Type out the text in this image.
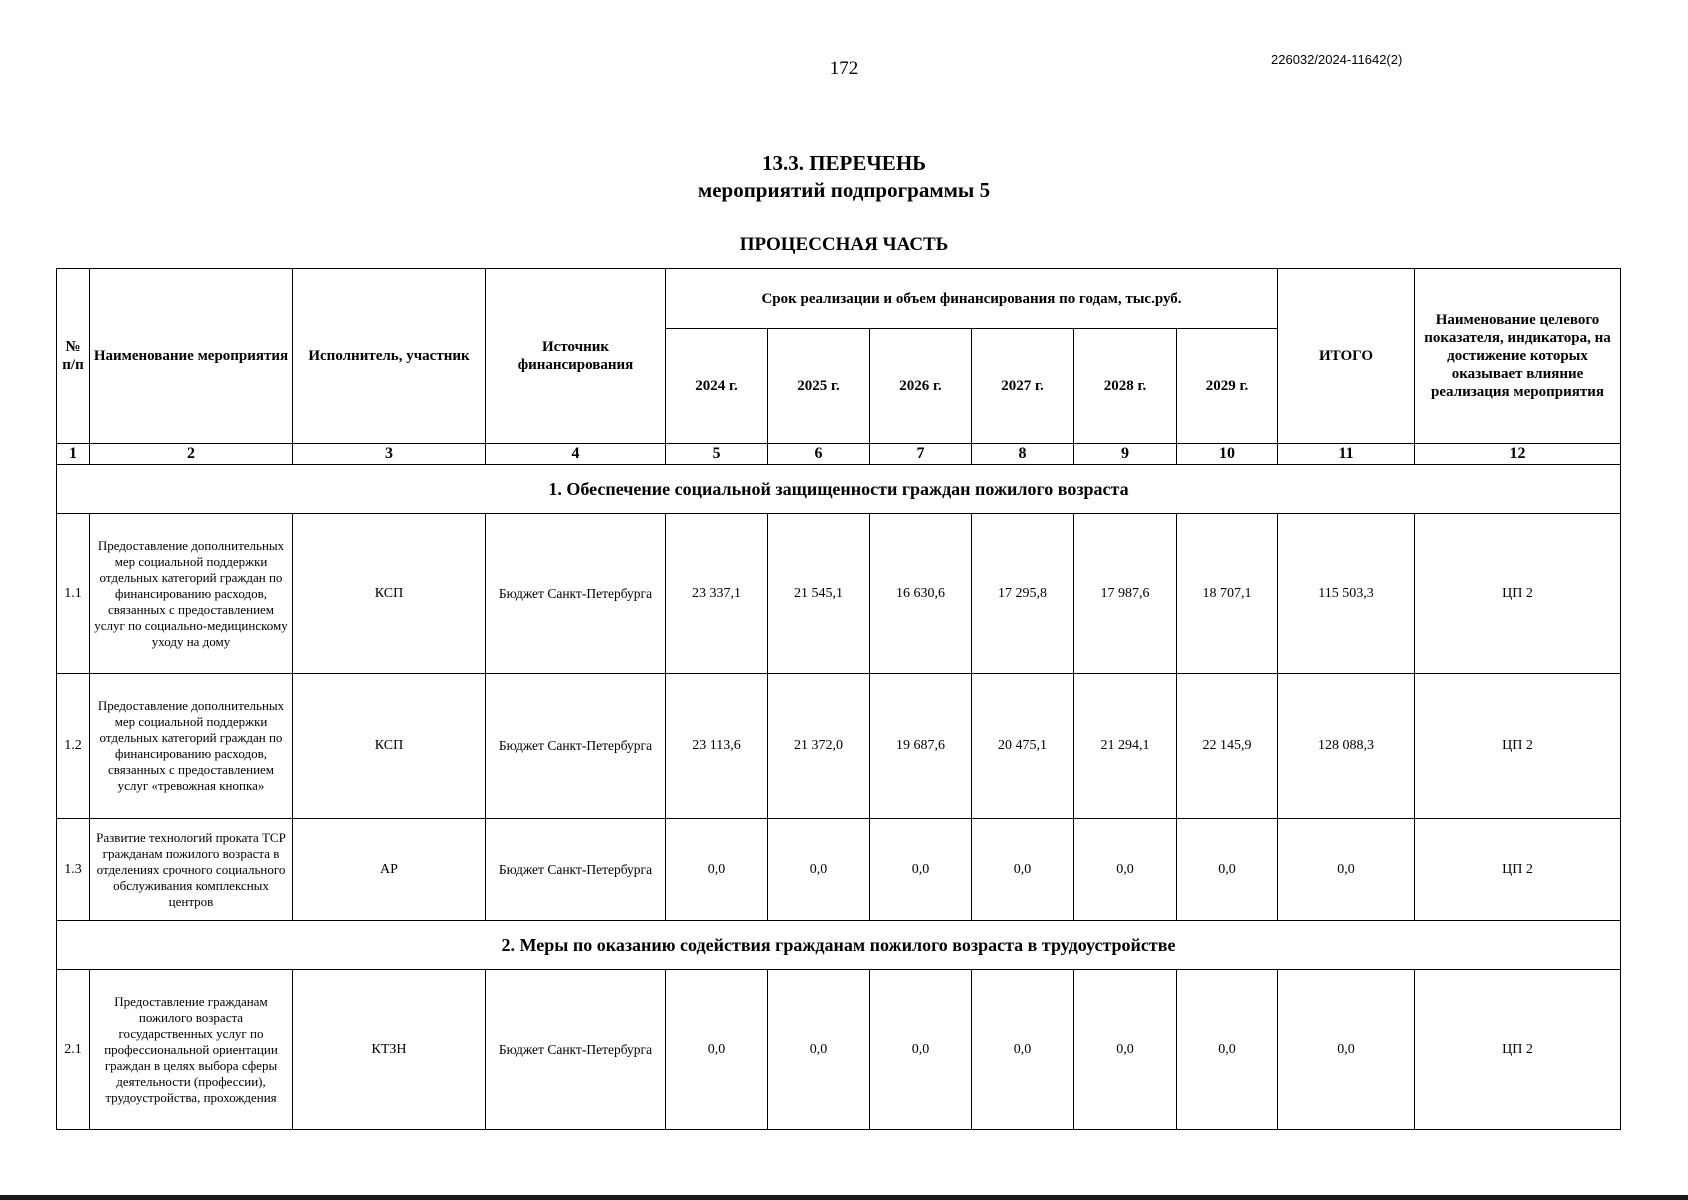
172	226032/2024-11642(2)
13.3. ПЕРЕЧЕНЬ
мероприятий подпрограммы 5
ПРОЦЕССНАЯ ЧАСТЬ
№ п/п	Наименование мероприятия	Исполнитель, участник	Источник финансирования	Срок реализации и объем финансирования по годам, тыс.руб.						ИТОГО	Наименование целевого показателя, индикатора, на достижение которых оказывает влияние реализация мероприятия
				2024 г.	2025 г.	2026 г.	2027 г.	2028 г.	2029 г.		
1	2	3	4	5	6	7	8	9	10	11	12
1. Обеспечение социальной защищенности граждан пожилого возраста											
1.1	Предоставление дополнительных мер социальной поддержки отдельных категорий граждан по финансированию расходов, связанных с предоставлением услуг по социально-медицинскому уходу на дому	КСП	Бюджет Санкт-Петербурга	23 337,1	21 545,1	16 630,6	17 295,8	17 987,6	18 707,1	115 503,3	ЦП 2
1.2	Предоставление дополнительных мер социальной поддержки отдельных категорий граждан по финансированию расходов, связанных с предоставлением услуг «тревожная кнопка»	КСП	Бюджет Санкт-Петербурга	23 113,6	21 372,0	19 687,6	20 475,1	21 294,1	22 145,9	128 088,3	ЦП 2
1.3	Развитие технологий проката ТСР гражданам пожилого возраста в отделениях срочного социального обслуживания комплексных центров	АР	Бюджет Санкт-Петербурга	0,0	0,0	0,0	0,0	0,0	0,0	0,0	ЦП 2
2. Меры по оказанию содействия гражданам пожилого возраста в трудоустройстве											
2.1	Предоставление гражданам пожилого возраста государственных услуг по профессиональной ориентации граждан в целях выбора сферы деятельности (профессии), трудоустройства, прохождения	КТЗН	Бюджет Санкт-Петербурга	0,0	0,0	0,0	0,0	0,0	0,0	0,0	ЦП 2
